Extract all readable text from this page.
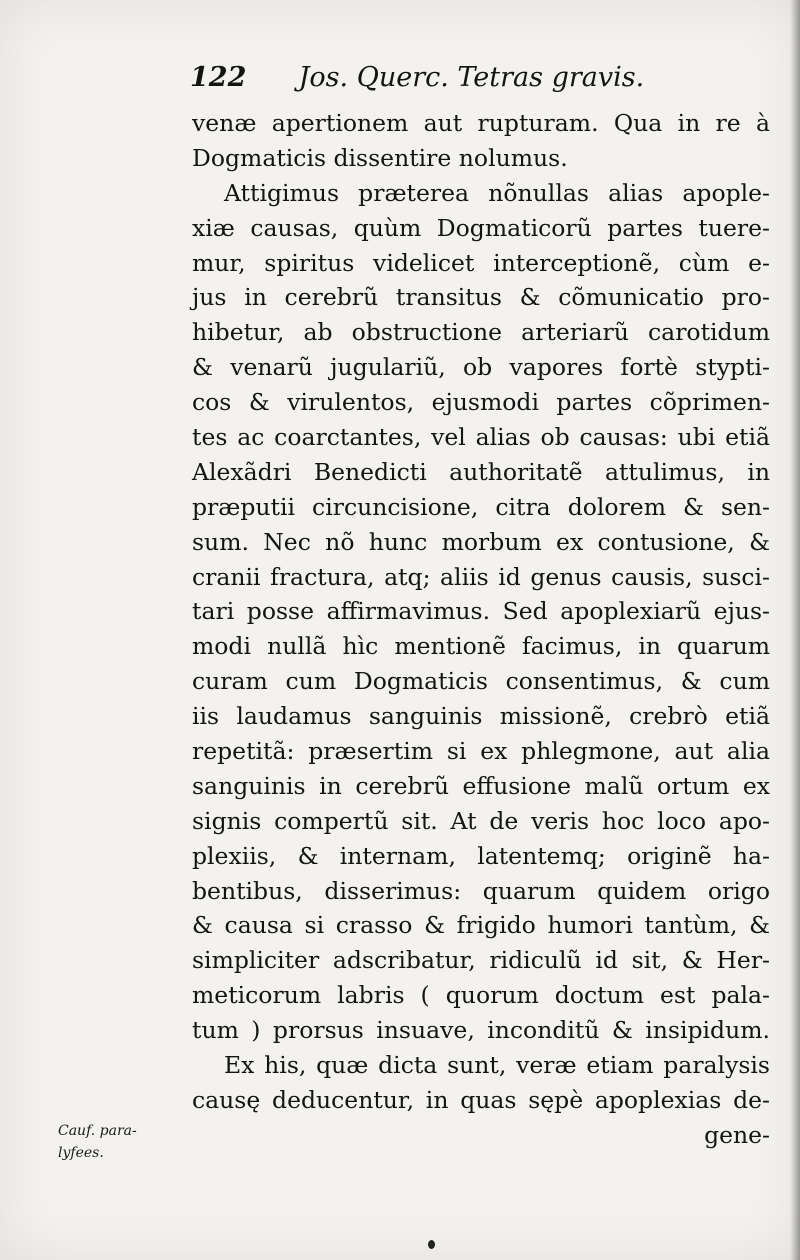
122 Jos. Querc. Tetras gravis.
venæ apertionem aut rupturam. Qua in re à
Dogmaticis dissentire nolumus.
Attigimus præterea nõnullas alias apople-
xiæ causas, quùm Dogmaticorũ partes tuere-
mur, spiritus videlicet interceptionẽ, cùm e-
jus in cerebrũ transitus & cõmunicatio pro-
hibetur, ab obstructione arteriarũ carotidum
& venarũ jugulariũ, ob vapores fortè stypti-
cos & virulentos, ejusmodi partes cõprimen-
tes ac coarctantes, vel alias ob causas: ubi etiã
Alexãdri Benedicti authoritatẽ attulimus, in
præputii circuncisione, citra dolorem & sen-
sum. Nec nõ hunc morbum ex contusione, &
cranii fractura, atq; aliis id genus causis, susci-
tari posse affirmavimus. Sed apoplexiarũ ejus-
modi nullã hìc mentionẽ facimus, in quarum
curam cum Dogmaticis consentimus, & cum
iis laudamus sanguinis missionẽ, crebrò etiã
repetitã: præsertim si ex phlegmone, aut alia
sanguinis in cerebrũ effusione malũ ortum ex
signis compertũ sit. At de veris hoc loco apo-
plexiis, & internam, latentemq; originẽ ha-
bentibus, disserimus: quarum quidem origo
& causa si crasso & frigido humori tantùm, &
simpliciter adscribatur, ridiculũ id sit, & Her-
meticorum labris ( quorum doctum est pala-
tum ) prorsus insuave, inconditũ & insipidum.
Ex his, quæ dicta sunt, veræ etiam paralysis
causę deducentur, in quas sępè apoplexias de-
gene-
Cauf. para-
lyfees.
